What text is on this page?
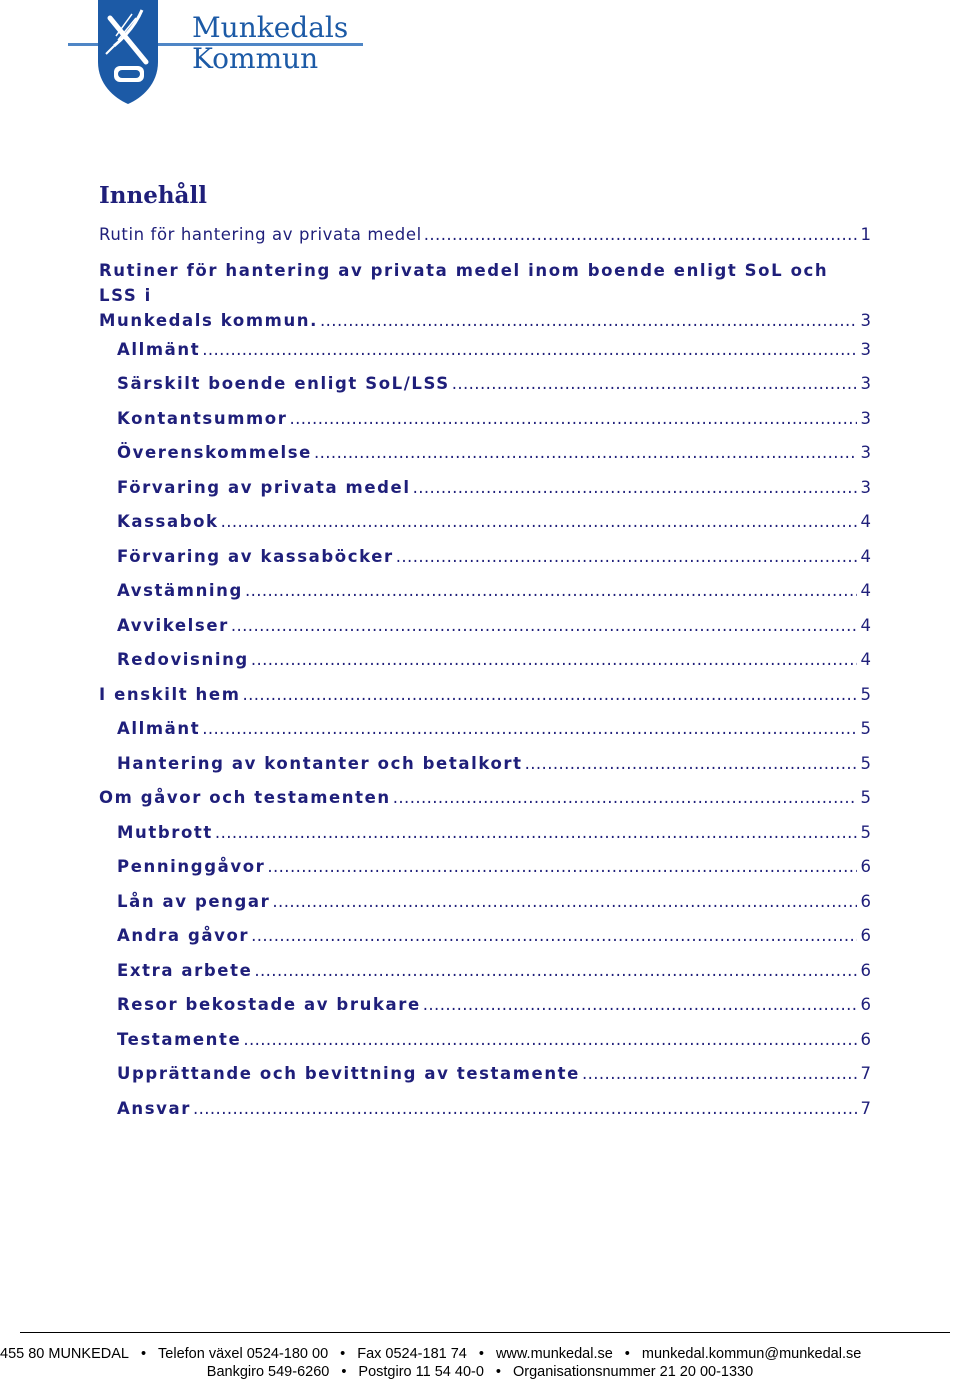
Munkedals
Kommun
Innehåll
Rutin för hantering av privata medel .....	1
Rutiner för hantering av privata medel inom boende enligt SoL och LSS i
Munkedals kommun. .....	3
Allmänt .....	3
Särskilt boende enligt SoL/LSS .....	3
Kontantsummor .....	3
Överenskommelse .....	3
Förvaring av privata medel .....	3
Kassabok .....	4
Förvaring av kassaböcker .....	4
Avstämning .....	4
Avvikelser .....	4
Redovisning .....	4
I enskilt hem .....	5
Allmänt .....	5
Hantering av kontanter och betalkort .....	5
Om gåvor och testamenten .....	5
Mutbrott .....	5
Penninggåvor .....	6
Lån av pengar .....	6
Andra gåvor .....	6
Extra arbete .....	6
Resor bekostade av brukare .....	6
Testamente .....	6
Upprättande och bevittning av testamente .....	7
Ansvar .....	7
455 80 MUNKEDAL • Telefon växel 0524-180 00 • Fax 0524-181 74 • www.munkedal.se • munkedal.kommun@munkedal.se
Bankgiro 549-6260 • Postgiro 11 54 40-0 • Organisationsnummer 21 20 00-1330
